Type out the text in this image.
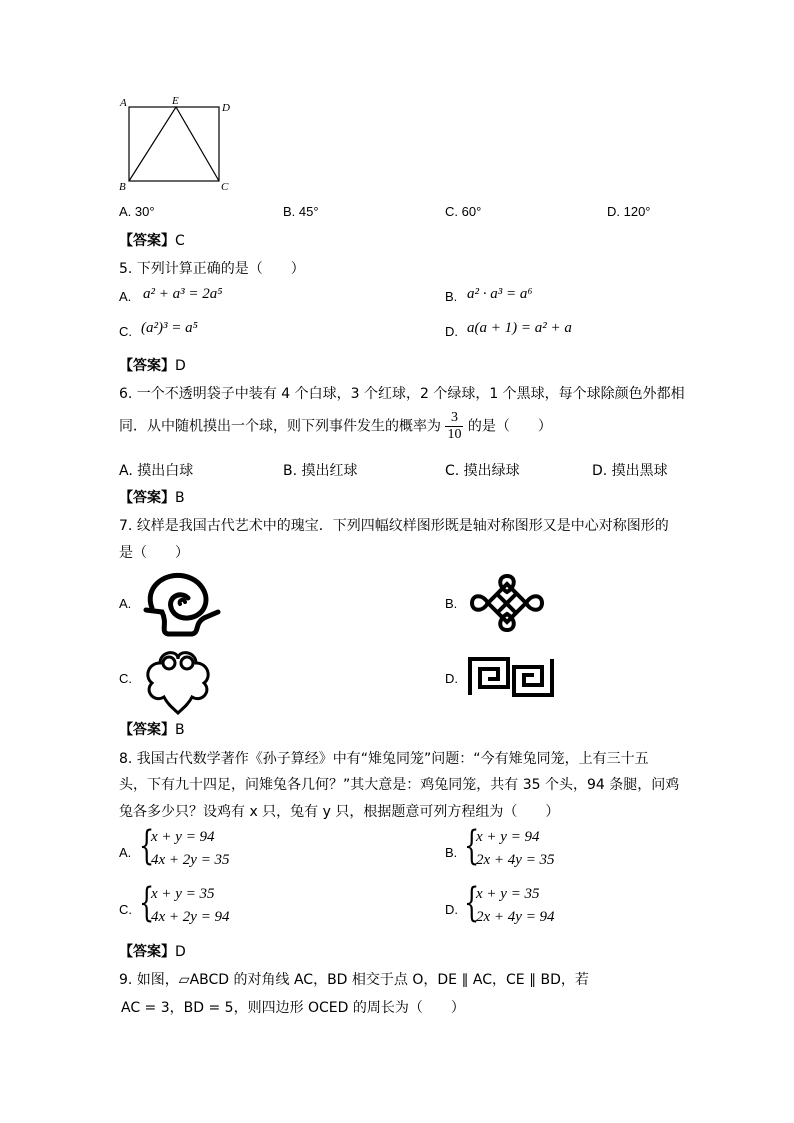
A	E
D
B	C
A. 30°	B. 45°	C. 60°	D. 120°
【答案】C
5. 下列计算正确的是（　　）
A. a² + a³ = 2a⁵	B. a² · a³ = a⁶
C. (a²)³ = a⁵	D. a(a + 1) = a² + a
【答案】D
6. 一个不透明袋子中装有 4 个白球，3 个红球，2 个绿球，1 个黑球，每个球除颜色外都相
同．从中随机摸出一个球，则下列事件发生的概率为 $\frac{3}{10}$ 的是（　　）
A. 摸出白球	B. 摸出红球	C. 摸出绿球	D. 摸出黑球
【答案】B
7. 纹样是我国古代艺术中的瑰宝．下列四幅纹样图形既是轴对称图形又是中心对称图形的
是（　　）
A.	B.
C.	D.
【答案】B
8. 我国古代数学著作《孙子算经》中有“雉兔同笼”问题：“今有雉兔同笼，上有三十五
头，下有九十四足，问雉兔各几何？”其大意是：鸡兔同笼，共有 35 个头，94 条腿，问鸡
兔各多少只？设鸡有 x 只，兔有 y 只，根据题意可列方程组为（　　）
A. {
x + y = 94
4x + 2y = 35	B. {
x + y = 94
2x + 4y = 35
C. {
x + y = 35
4x + 2y = 94	D. {
x + y = 35
2x + 4y = 94
【答案】D
9. 如图，▱ABCD 的对角线 AC，BD 相交于点 O，DE ∥ AC，CE ∥ BD，若
AC = 3，BD = 5，则四边形 OCED 的周长为（　　）
